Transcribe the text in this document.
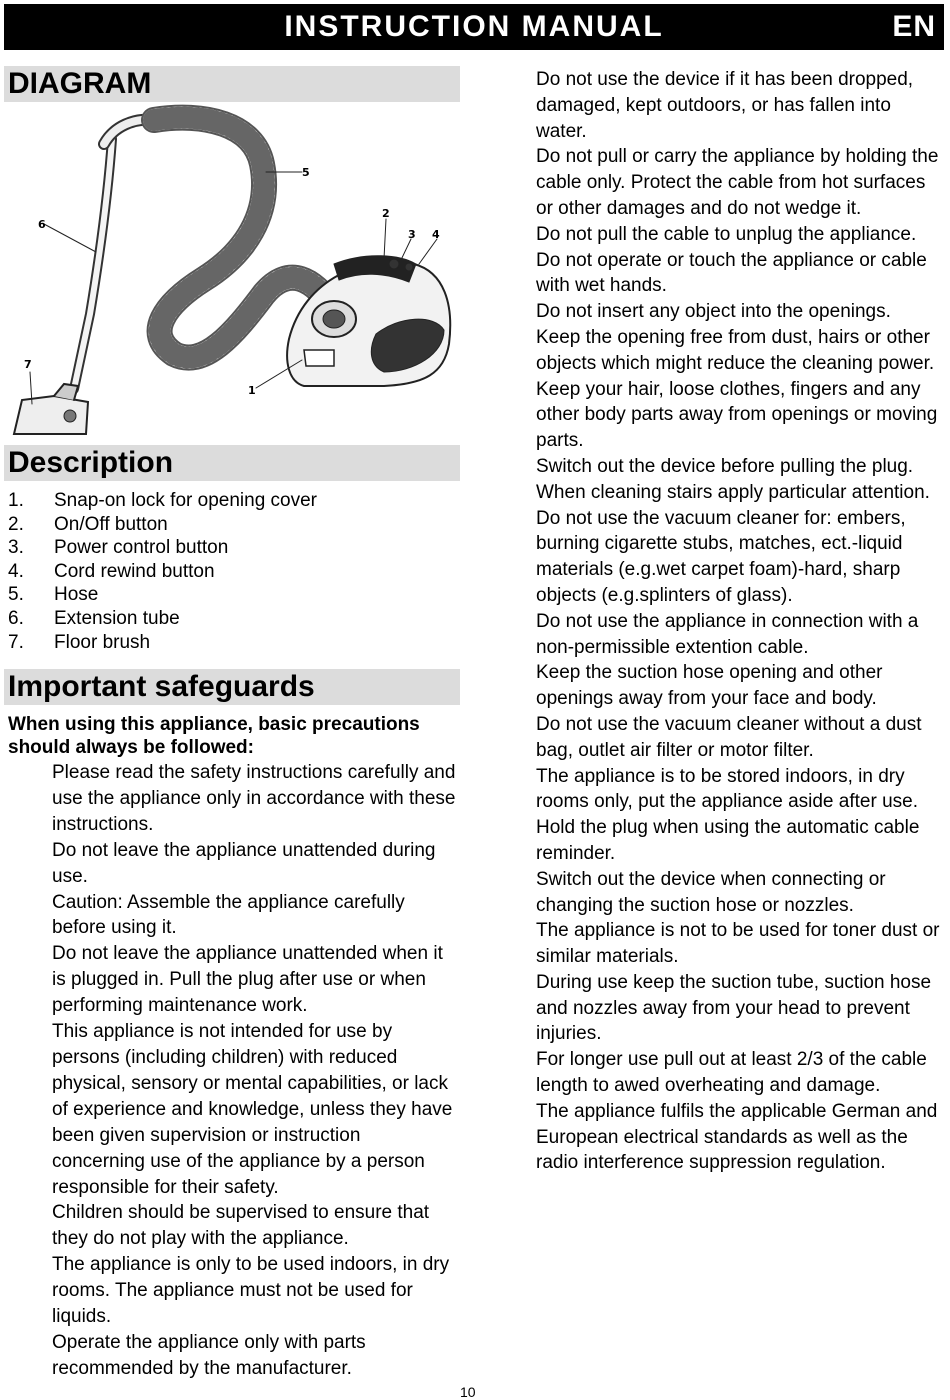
INSTRUCTION MANUAL	EN
DIAGRAM
1
2
3 4
5
6
7
Description
1.	Snap-on lock for opening cover
2.	On/Off button
3.	Power control button
4.	Cord rewind button
5.	Hose
6.	Extension tube
7.	Floor brush
Important safeguards
When using this appliance, basic precautions should always be followed:

Please read the safety instructions carefully and use the appliance only in accordance with these instructions.

Do not leave the appliance unattended during use.

Caution: Assemble the appliance carefully before using it.

Do not leave the appliance unattended when it is plugged in. Pull the plug after use or when performing maintenance work.

This appliance is not intended for use by persons (including children) with reduced physical, sensory or mental capabilities, or lack of experience and knowledge, unless they have been given supervision or instruction concerning use of the appliance by a person responsible for their safety.

Children should be supervised to ensure that they do not play with the appliance.

The appliance is only to be used indoors, in dry rooms. The appliance must not be used for liquids.

Operate the appliance only with parts recommended by the manufacturer.

Do not use the device if it has been dropped, damaged, kept outdoors, or has fallen into water.

Do not pull or carry the appliance by holding the cable only. Protect the cable from hot surfaces or other damages and do not wedge it.

Do not pull the cable to unplug the appliance.

Do not operate or touch the appliance or cable with wet hands.

Do not insert any object into the openings.

Keep the opening free from dust, hairs or other objects which might reduce the cleaning power.

Keep your hair, loose clothes, fingers and any other body parts away from openings or moving parts.

Switch out the device before pulling the plug.

When cleaning stairs apply particular attention.

Do not use the vacuum cleaner for: embers, burning cigarette stubs, matches, ect.-liquid materials (e.g.wet carpet foam)-hard, sharp objects (e.g.splinters of glass).

Do not use the appliance in connection with a non-permissible extention cable.

Keep the suction hose opening and other openings away from your face and body.

Do not use the vacuum cleaner without a dust bag, outlet air filter or motor filter.

The appliance is to be stored indoors, in dry rooms only, put the appliance aside after use.

Hold the plug when using the automatic cable reminder.

Switch out the device when connecting or changing the suction hose or nozzles.

The appliance is not to be used for toner dust or similar materials.

During use keep the suction tube, suction hose and nozzles away from your head to prevent injuries.

For longer use pull out at least 2/3 of the cable length to awed overheating and damage.

The appliance fulfils the applicable German and European electrical standards as well as the radio interference suppression regulation.

10
